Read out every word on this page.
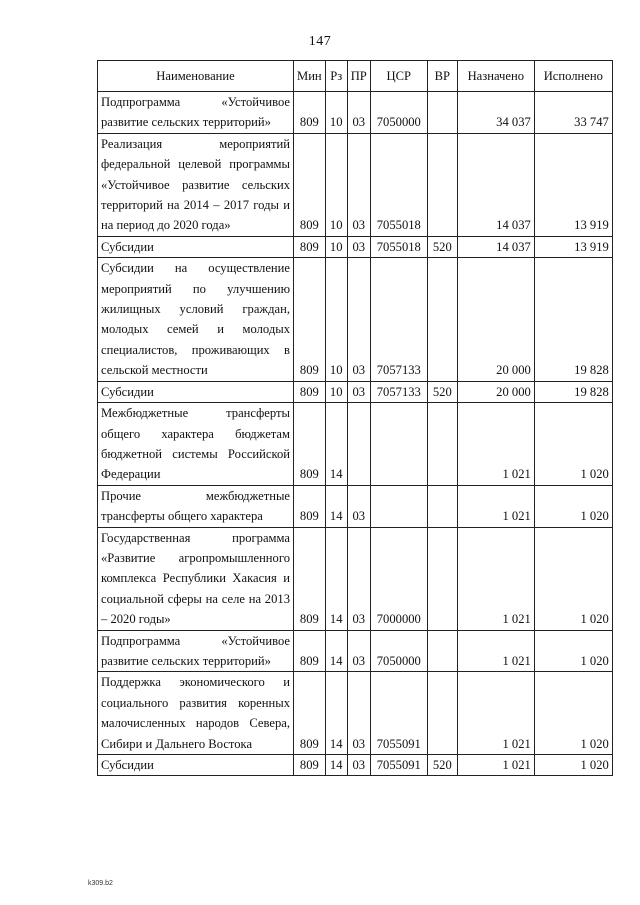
147
Наименование	Мин	Рз	ПР	ЦСР	ВР	Назначено	Исполнено
Подпрограмма «Устойчивое развитие сельских территорий»	809	10	03	7050000		34 037	33 747
Реализация мероприятий федеральной целевой программы «Устойчивое развитие сельских территорий на 2014 – 2017 годы и на период до 2020 года»	809	10	03	7055018		14 037	13 919
Субсидии	809	10	03	7055018	520	14 037	13 919
Субсидии на осуществление мероприятий по улучшению жилищных условий граждан, молодых семей и молодых специалистов, проживающих в сельской местности	809	10	03	7057133		20 000	19 828
Субсидии	809	10	03	7057133	520	20 000	19 828
Межбюджетные трансферты общего характера бюджетам бюджетной системы Российской Федерации	809	14				1 021	1 020
Прочие межбюджетные трансферты общего характера	809	14	03			1 021	1 020
Государственная программа «Развитие агропромышленного комплекса Республики Хакасия и социальной сферы на селе на 2013 – 2020 годы»	809	14	03	7000000		1 021	1 020
Подпрограмма «Устойчивое развитие сельских территорий»	809	14	03	7050000		1 021	1 020
Поддержка экономического и социального развития коренных малочисленных народов Севера, Сибири и Дальнего Востока	809	14	03	7055091		1 021	1 020
Субсидии	809	14	03	7055091	520	1 021	1 020
k309.b2
